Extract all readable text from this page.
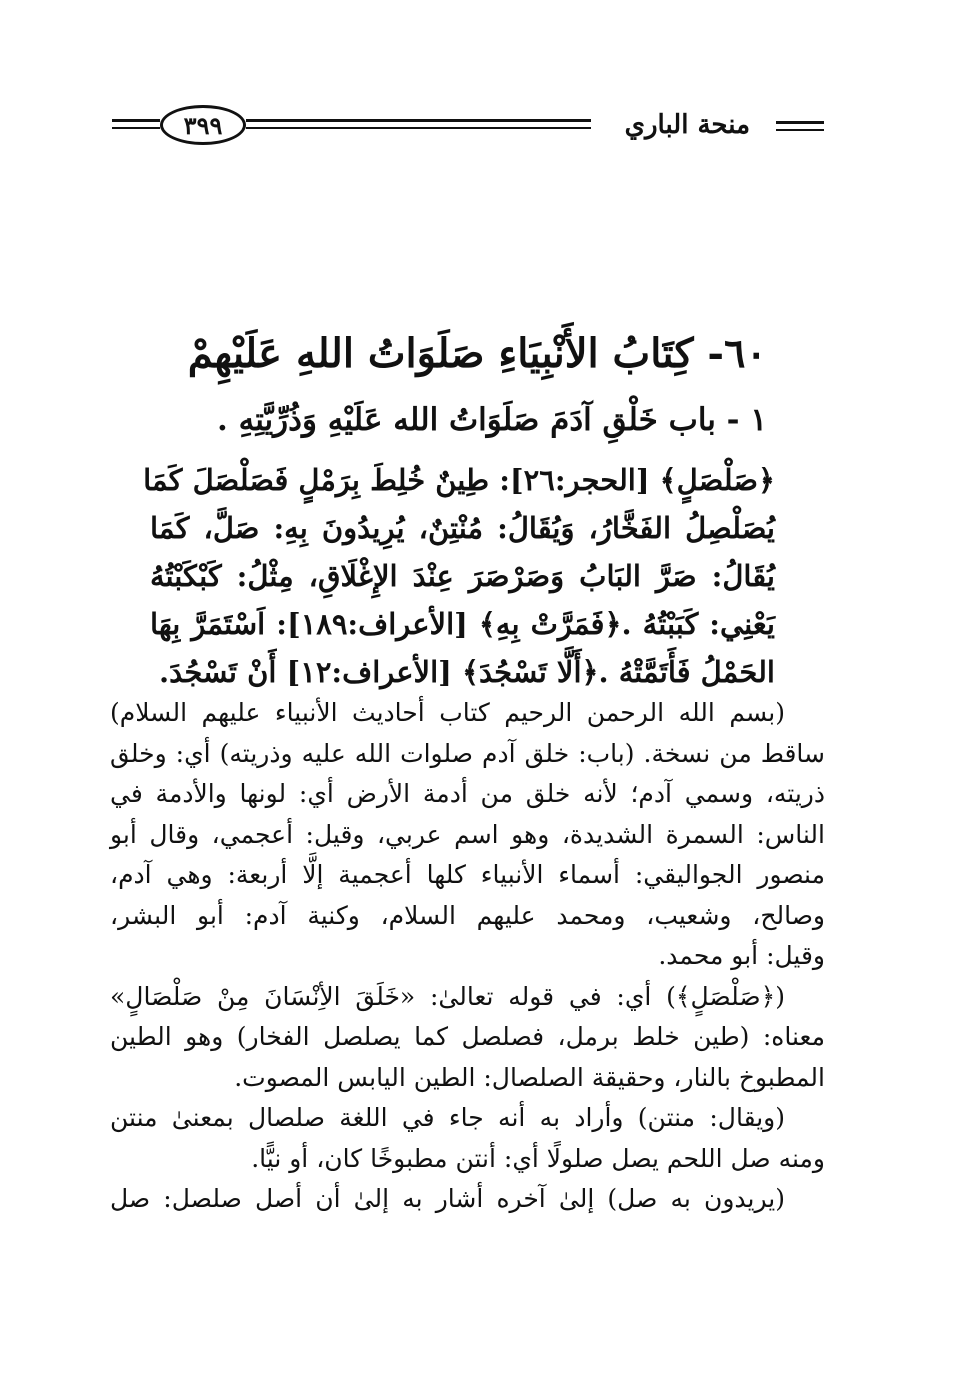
٣٩٩	منحة الباري
٦٠- كِتَابُ الأَنْبِيَاءِ صَلَوَاتُ اللهِ عَلَيْهِمْ
١ - باب خَلْقِ آدَمَ صَلَوَاتُ الله عَلَيْهِ وَذُرِّيَّتِهِ .
﴿صَلْصَلٍ﴾ [الحجر:٢٦]: طِينٌ خُلِطَ بِرَمْلٍ فَصَلْصَلَ كَمَا
يُصَلْصِلُ الفَخَّارُ، وَيُقَالُ: مُنْتِنٌ، يُرِيدُونَ بِهِ: صَلَّ، كَمَا
يُقَالُ: صَرَّ البَابُ وَصَرْصَرَ عِنْدَ الإِغْلَاقِ، مِثْلُ: كَبْكَبْتُهُ
يَعْنِي: كَبَبْتُهُ .﴿فَمَرَّتْ بِهِ﴾ [الأعراف:١٨٩]: اَسْتَمَرَّ بِهَا
الحَمْلُ فَأَتَمَّتْهُ .﴿أَلَّا تَسْجُدَ﴾ [الأعراف:١٢] أَنْ تَسْجُدَ.
(بسم الله الرحمن الرحيم كتاب أحاديث الأنبياء عليهم السلام)
ساقط من نسخة. (باب: خلق آدم صلوات الله عليه وذريته) أي: وخلق
ذريته، وسمي آدم؛ لأنه خلق من أدمة الأرض أي: لونها والأدمة في
الناس: السمرة الشديدة، وهو اسم عربي، وقيل: أعجمي، وقال أبو
منصور الجواليقي: أسماء الأنبياء كلها أعجمية إلَّا أربعة: وهي آدم،
وصالح، وشعيب، ومحمد عليهم السلام، وكنية آدم: أبو البشر،
وقيل: أبو محمد.
(﴿صَلْصَلٍ﴾) أي: في قوله تعالىٰ: «خَلَقَ الأِنْسَانَ مِنْ صَلْصَالٍ»
معناه: (طين خلط برمل، فصلصل كما يصلصل الفخار) وهو الطين
المطبوخ بالنار، وحقيقة الصلصال: الطين اليابس المصوت.
(ويقال: منتن) وأراد به أنه جاء في اللغة صلصال بمعنىٰ منتن
ومنه صل اللحم يصل صلولًا أي: أنتن مطبوخًا كان، أو نيًّا.
(يريدون به صل) إلىٰ آخره أشار به إلىٰ أن أصل صلصل: صل
